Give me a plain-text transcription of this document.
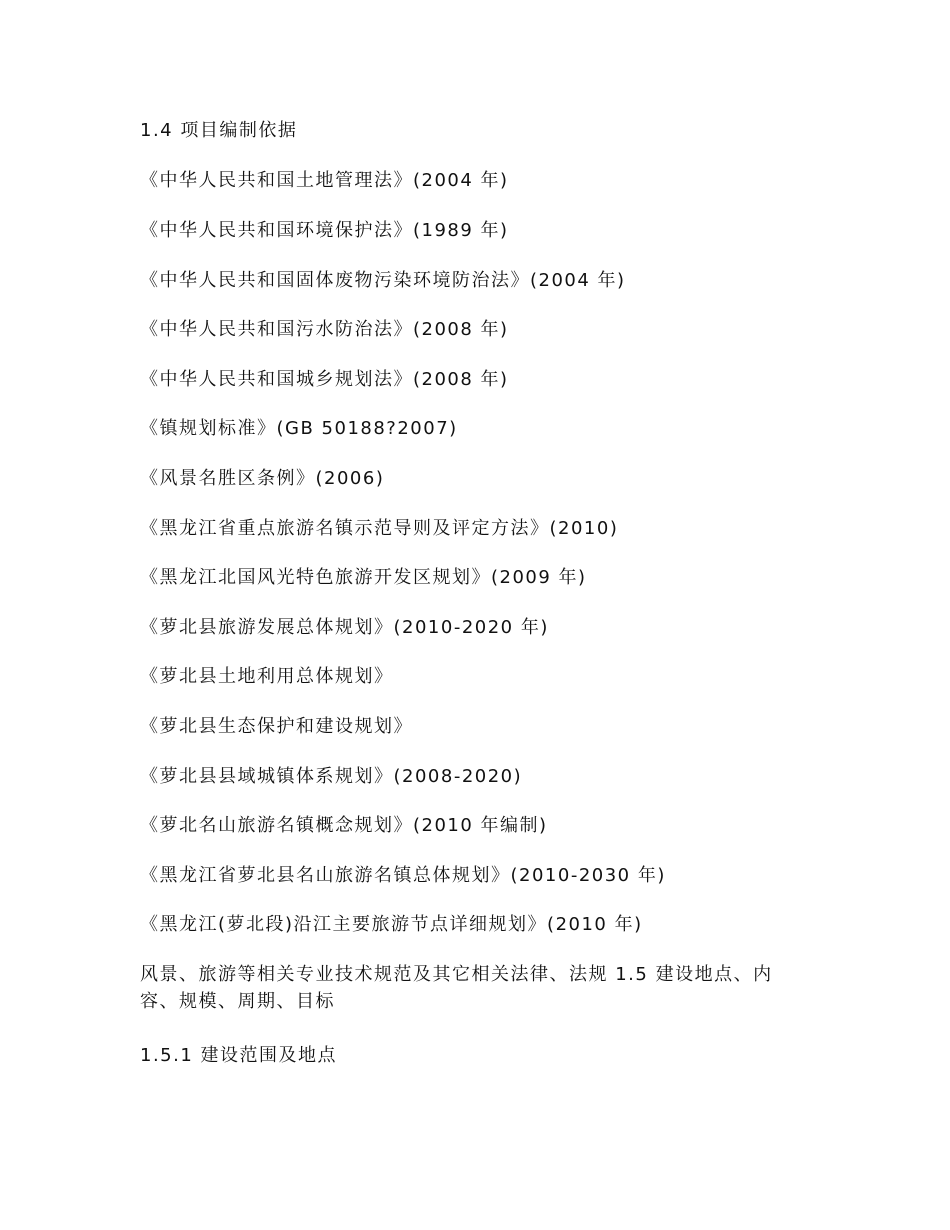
1.4 项目编制依据
《中华人民共和国土地管理法》(2004 年)
《中华人民共和国环境保护法》(1989 年)
《中华人民共和国固体废物污染环境防治法》(2004 年)
《中华人民共和国污水防治法》(2008 年)
《中华人民共和国城乡规划法》(2008 年)
《镇规划标准》(GB 50188?2007)
《风景名胜区条例》(2006)
《黑龙江省重点旅游名镇示范导则及评定方法》(2010)
《黑龙江北国风光特色旅游开发区规划》(2009 年)
《萝北县旅游发展总体规划》(2010-2020 年)
《萝北县土地利用总体规划》
《萝北县生态保护和建设规划》
《萝北县县域城镇体系规划》(2008-2020)
《萝北名山旅游名镇概念规划》(2010 年编制)
《黑龙江省萝北县名山旅游名镇总体规划》(2010-2030 年)
《黑龙江(萝北段)沿江主要旅游节点详细规划》(2010 年)
风景、旅游等相关专业技术规范及其它相关法律、法规 1.5 建设地点、内容、规模、周期、目标
1.5.1 建设范围及地点
